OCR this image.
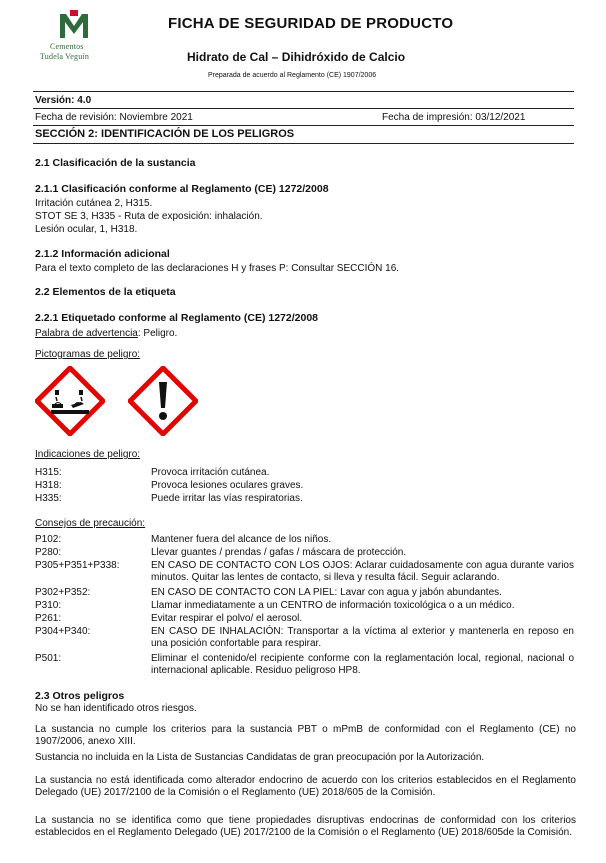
Cementos
Tudela Veguín
FICHA DE SEGURIDAD DE PRODUCTO
Hidrato de Cal – Dihidróxido de Calcio
Preparada de acuerdo al Reglamento (CE) 1907/2006
Versión: 4.0
Fecha de revisión: Noviembre 2021	Fecha de impresión: 03/12/2021
SECCIÓN 2: IDENTIFICACIÓN DE LOS PELIGROS
2.1 Clasificación de la sustancia
2.1.1 Clasificación conforme al Reglamento (CE) 1272/2008
Irritación cutánea 2, H315.
STOT SE 3, H335 - Ruta de exposición: inhalación.
Lesión ocular, 1, H318.
2.1.2 Información adicional
Para el texto completo de las declaraciones H y frases P: Consultar SECCIÓN 16.
2.2 Elementos de la etiqueta
2.2.1 Etiquetado conforme al Reglamento (CE) 1272/2008
Palabra de advertencia: Peligro.
Pictogramas de peligro:
Indicaciones de peligro:
H315:	Provoca irritación cutánea.
H318:	Provoca lesiones oculares graves.
H335:	Puede irritar las vías respiratorias.
Consejos de precaución:
P102:	Mantener fuera del alcance de los niños.
P280:	Llevar guantes / prendas / gafas / máscara de protección.
P305+P351+P338:	EN CASO DE CONTACTO CON LOS OJOS: Aclarar cuidadosamente con agua durante varios minutos. Quitar las lentes de contacto, si lleva y resulta fácil. Seguir aclarando.
P302+P352:	EN CASO DE CONTACTO CON LA PIEL: Lavar con agua y jabón abundantes.
P310:	Llamar inmediatamente a un CENTRO de información toxicológica o a un médico.
P261:	Evitar respirar el polvo/ el aerosol.
P304+P340:	EN CASO DE INHALACIÓN: Transportar a la víctima al exterior y mantenerla en reposo en una posición confortable para respirar.
P501:	Eliminar el contenido/el recipiente conforme con la reglamentación local, regional, nacional o internacional aplicable. Residuo peligroso HP8.
2.3 Otros peligros
No se han identificado otros riesgos.
La sustancia no cumple los criterios para la sustancia PBT o mPmB de conformidad con el Reglamento (CE) no 1907/2006, anexo XIII.
Sustancia no incluida en la Lista de Sustancias Candidatas de gran preocupación por la Autorización.
La sustancia no está identificada como alterador endocrino de acuerdo con los criterios establecidos en el Reglamento Delegado (UE) 2017/2100 de la Comisión o el Reglamento (UE) 2018/605 de la Comisión.
La sustancia no se identifica como que tiene propiedades disruptivas endocrinas de conformidad con los criterios establecidos en el Reglamento Delegado (UE) 2017/2100 de la Comisión o el Reglamento (UE) 2018/605de la Comisión.
